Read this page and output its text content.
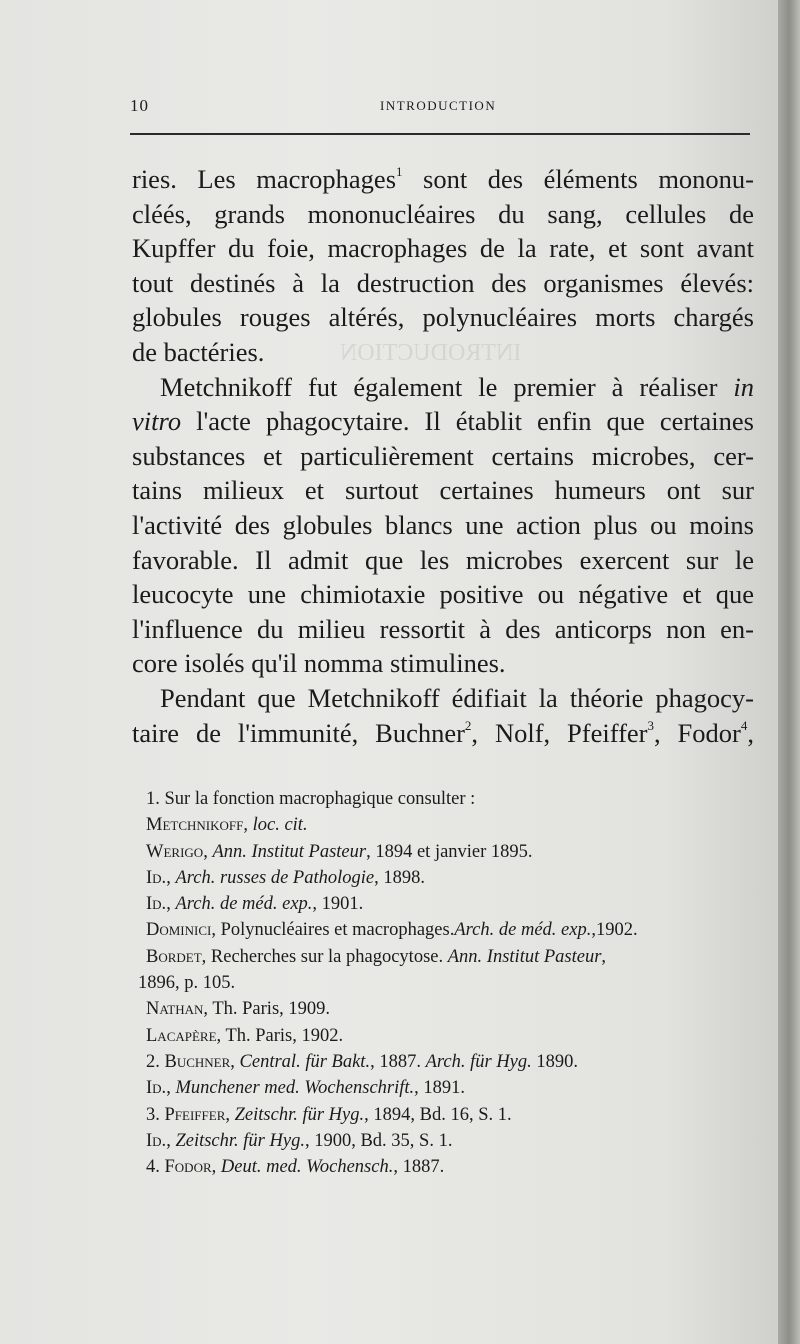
INTRODUCTION
10	INTRODUCTION
ries. Les macrophages$^1$ sont des éléments mononu-
cléés, grands mononucléaires du sang, cellules de
Kupffer du foie, macrophages de la rate, et sont avant
tout destinés à la destruction des organismes élevés:
globules rouges altérés, polynucléaires morts chargés
de bactéries.
Metchnikoff fut également le premier à réaliser in
vitro l'acte phagocytaire. Il établit enfin que certaines
substances et particulièrement certains microbes, cer-
tains milieux et surtout certaines humeurs ont sur
l'activité des globules blancs une action plus ou moins
favorable. Il admit que les microbes exercent sur le
leucocyte une chimiotaxie positive ou négative et que
l'influence du milieu ressortit à des anticorps non en-
core isolés qu'il nomma stimulines.
Pendant que Metchnikoff édifiait la théorie phagocy-
taire de l'immunité, Buchner$^2$, Nolf, Pfeiffer$^3$, Fodor$^4$,
1. Sur la fonction macrophagique consulter :
Metchnikoff, loc. cit.
Werigo, Ann. Institut Pasteur, 1894 et janvier 1895.
Id., Arch. russes de Pathologie, 1898.
Id., Arch. de méd. exp., 1901.
Dominici, Polynucléaires et macrophages.Arch. de méd. exp.,1902.
Bordet, Recherches sur la phagocytose. Ann. Institut Pasteur,
1896, p. 105.
Nathan, Th. Paris, 1909.
Lacapère, Th. Paris, 1902.
2. Buchner, Central. für Bakt., 1887. Arch. für Hyg. 1890.
Id., Munchener med. Wochenschrift., 1891.
3. Pfeiffer, Zeitschr. für Hyg., 1894, Bd. 16, S. 1.
Id., Zeitschr. für Hyg., 1900, Bd. 35, S. 1.
4. Fodor, Deut. med. Wochensch., 1887.
